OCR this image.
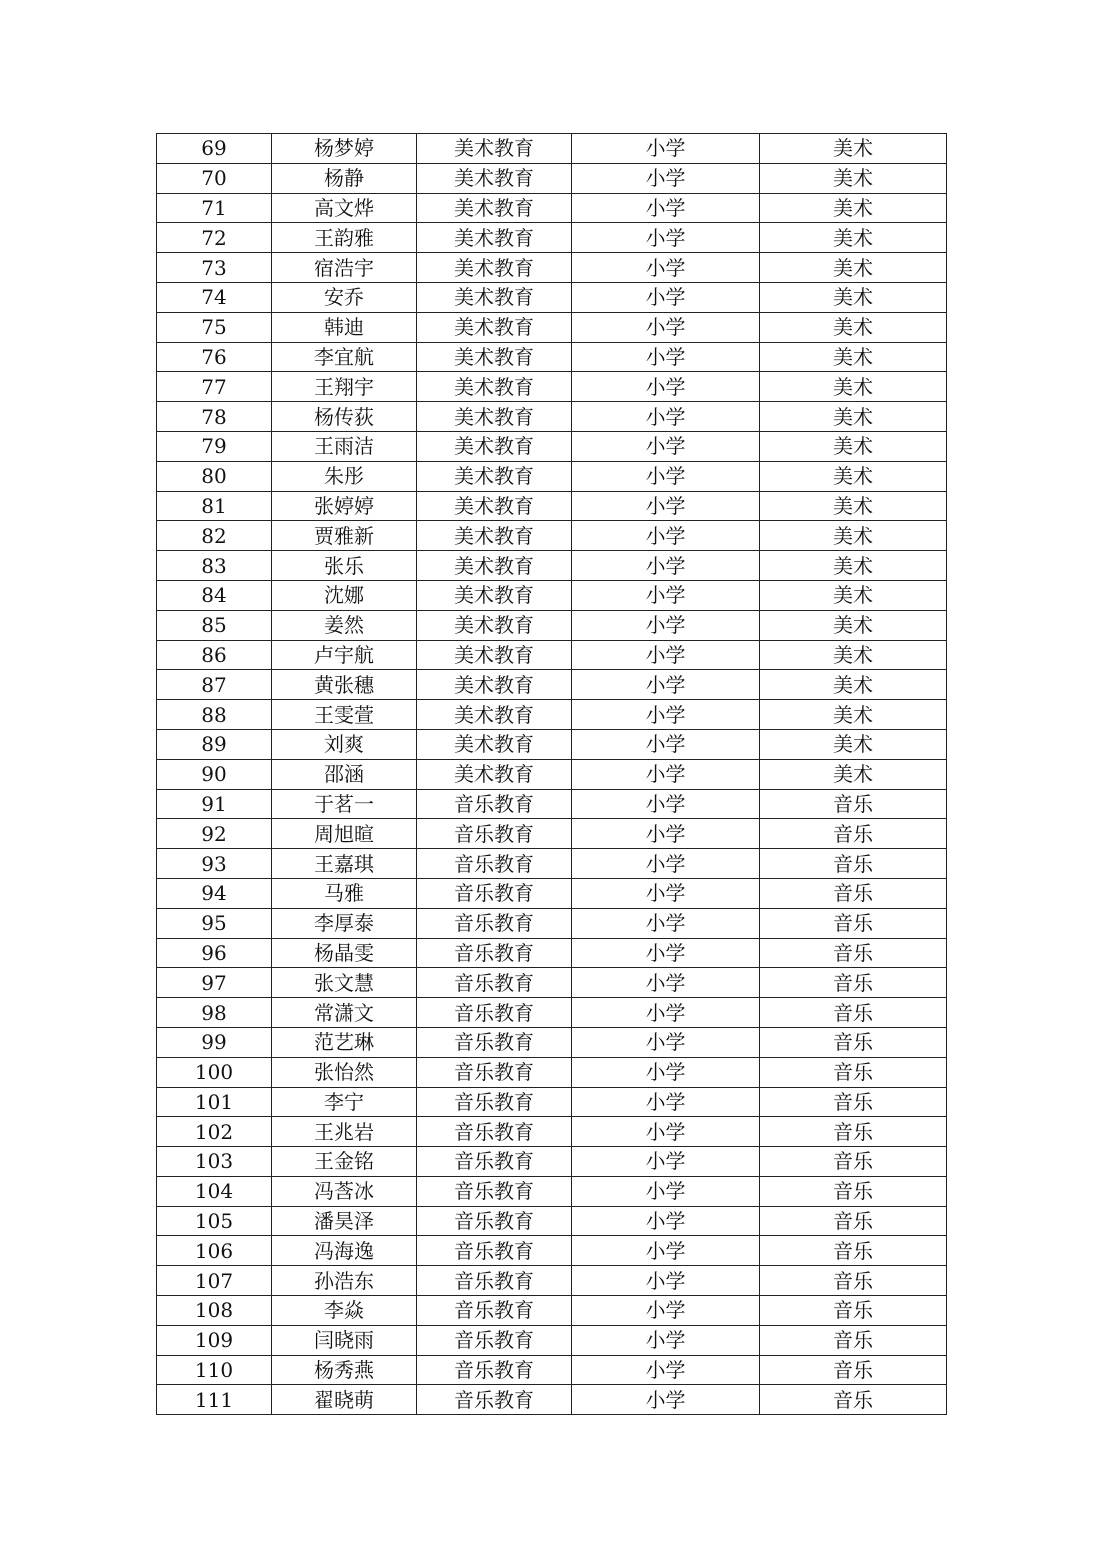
69	杨梦婷	美术教育	小学	美术
70	杨静	美术教育	小学	美术
71	高文烨	美术教育	小学	美术
72	王韵雅	美术教育	小学	美术
73	宿浩宇	美术教育	小学	美术
74	安乔	美术教育	小学	美术
75	韩迪	美术教育	小学	美术
76	李宜航	美术教育	小学	美术
77	王翔宇	美术教育	小学	美术
78	杨传荻	美术教育	小学	美术
79	王雨洁	美术教育	小学	美术
80	朱彤	美术教育	小学	美术
81	张婷婷	美术教育	小学	美术
82	贾雅新	美术教育	小学	美术
83	张乐	美术教育	小学	美术
84	沈娜	美术教育	小学	美术
85	姜然	美术教育	小学	美术
86	卢宇航	美术教育	小学	美术
87	黄张穗	美术教育	小学	美术
88	王雯萱	美术教育	小学	美术
89	刘爽	美术教育	小学	美术
90	邵涵	美术教育	小学	美术
91	于茗一	音乐教育	小学	音乐
92	周旭暄	音乐教育	小学	音乐
93	王嘉琪	音乐教育	小学	音乐
94	马雅	音乐教育	小学	音乐
95	李厚泰	音乐教育	小学	音乐
96	杨晶雯	音乐教育	小学	音乐
97	张文慧	音乐教育	小学	音乐
98	常潇文	音乐教育	小学	音乐
99	范艺琳	音乐教育	小学	音乐
100	张怡然	音乐教育	小学	音乐
101	李宁	音乐教育	小学	音乐
102	王兆岩	音乐教育	小学	音乐
103	王金铭	音乐教育	小学	音乐
104	冯莟冰	音乐教育	小学	音乐
105	潘昊泽	音乐教育	小学	音乐
106	冯海逸	音乐教育	小学	音乐
107	孙浩东	音乐教育	小学	音乐
108	李焱	音乐教育	小学	音乐
109	闫晓雨	音乐教育	小学	音乐
110	杨秀燕	音乐教育	小学	音乐
111	翟晓萌	音乐教育	小学	音乐
